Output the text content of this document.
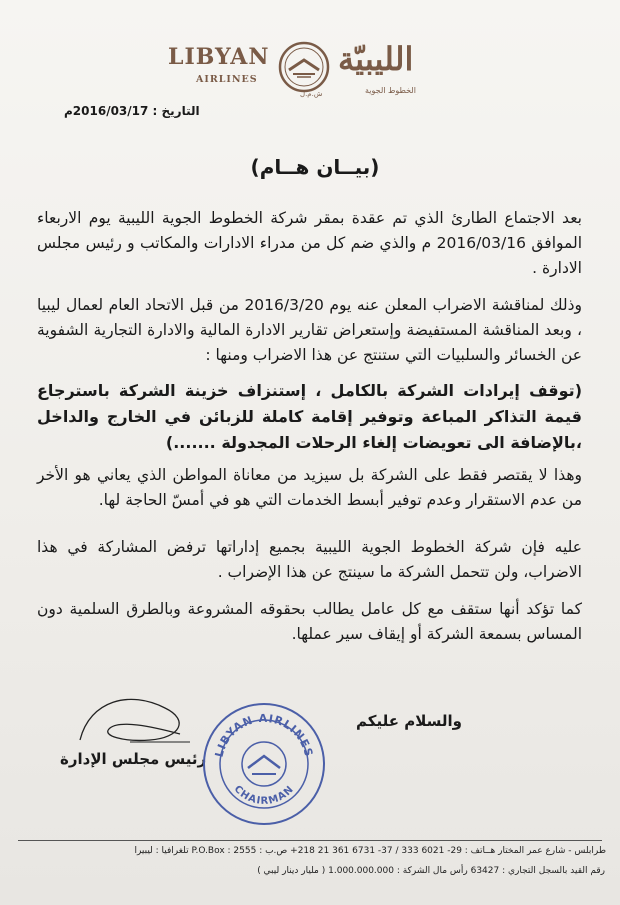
LIBYAN
AIRLINES
الليبيّة
الخطوط الجوية
ش.م.ل
التاريخ : 2016/03/17م
(بيــان هــام)
بعد الاجتماع الطارئ الذي تم عقدة بمقر شركة الخطوط الجوية الليبية يوم الاربعاء الموافق 2016/03/16 م والذي ضم كل من مدراء الادارات والمكاتب و رئيس مجلس الادارة .
وذلك لمناقشة الاضراب المعلن عنه يوم 2016/3/20 من قبل الاتحاد العام لعمال ليبيا ، وبعد المناقشة المستفيضة وإستعراض تقارير الادارة المالية والادارة التجارية الشفوية عن الخسائر والسلبيات التي ستنتج عن هذا الاضراب ومنها :
(توقف إيرادات الشركة بالكامل ، إستنزاف خزينة الشركة باسترجاع قيمة التذاكر المباعة وتوفير إقامة كاملة للزبائن في الخارج والداخل ،بالإضافة الى تعويضات إلغاء الرحلات المجدولة .......)
وهذا لا يقتصر فقط على الشركة بل سيزيد من معاناة المواطن الذي يعاني هو الأخر من عدم الاستقرار وعدم توفير أبسط الخدمات التي هو في أمسّ الحاجة لها.
عليه فإن شركة الخطوط الجوية الليبية بجميع إداراتها ترفض المشاركة في هذا الاضراب، ولن تتحمل الشركة ما سينتج عن هذا الإضراب .
كما تؤكد أنها ستقف مع كل عامل يطالب بحقوقه المشروعة وبالطرق السلمية دون المساس بسمعة الشركة أو إيقاف سير عملها.
والسلام عليكم
رئيس مجلس الإدارة LIBYAN AIRLINES
CHAIRMAN
طرابلس - شارع عمر المختار هــاتف : 29- 6021 333 / 37- 6731 361 21 218+ ص.ب : P.O.Box : 2555 تلغرافيا : ليبيرا
رقم القيد بالسجل التجاري : 63427 رأس مال الشركة : 1.000.000.000 ( مليار دينار ليبي )
